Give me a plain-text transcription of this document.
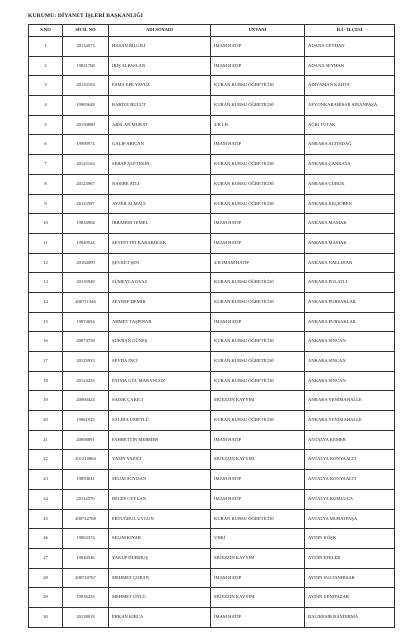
KURUMU: DİYANET İŞLERİ BAŞKANLIĞI
S.NO	SİCİL NO	ADI SOYADI	UNVANI	İLİ - İLÇESİ
1	20134573	HASAN BİLGİLİ	İMAM HATİP	ADANA CEYHAN
2	19831768	İRİŞ ALPASLAN	İMAM HATİP	ADANA SEYHAN
3	20133103	ESMA EFE YAVUZ	KURAN KURSU ÖĞRETİCİSİ	ADIYAMAN KAHTA
4	19965648	RABİYE BULUT	KURAN KURSU ÖĞRETİCİSİ	AFYONKARAHİSAR SİNANPAŞA
5	20150880	ARSLAN MURAT	4/B İ.H.	AĞRI TUTAK
6	19990974	GALİP ARIÇAN	İMAM HATİP	ANKARA ALTINDAĞ
7	20125163	SERAP ALPTEKİN	KURAN KURSU ÖĞRETİCİSİ	ANKARA ÇANKAYA
8	20123967	NASİBE ATLI	KURAN KURSU ÖĞRETİCİSİ	ANKARA ÇUBUK
9	20113597	AYFER ALMACI	KURAN KURSU ÖĞRETİCİSİ	ANKARA KEÇİÖREN
10	19834904	İBRAHİM TEMEL	İMAM HATİP	ANKARA MAMAK
11	19940524	SEYFETTİN KARABÖCEK	İMAM HATİP	ANKARA MAMAK
12	20164009	ŞEVKET ŞEN	4/B İMAM HATİP	ANKARA NALLIHAN
13	20135949	SÜMEYLA OVAZ	KURAN KURSU ÖĞRETİCİSİ	ANKARA POLATLI
14	200711346	ZEYNEP DEMİR	KURAN KURSU ÖĞRETİCİSİ	ANKARA PURSAKLAR
15	19974694	AHMET TAŞPINAR	İMAM HATİP	ANKARA PURSAKLAR
16	20074758	ŞÜKRAN GÜNEŞ	KURAN KURSU ÖĞRETİCİSİ	ANKARA SİNCAN
17	20125933	SEVDA İNCİ	KURAN KURSU ÖĞRETİCİSİ	ANKARA SİNCAN
18	20124255	FATMA GÜL MARANGOZ	KURAN KURSU ÖĞRETİCİSİ	ANKARA SİNCAN
19	20060424	SADIK ÇAKICI	MÜEZZİN KAYYIM	ANKARA YENİMAHALLE
20	19961925	SALİHA ÜMETLÜ	KURAN KURSU ÖĞRETİCİSİ	ANKARA YENİMAHALLE
21	20098891	FAHRETTİN MERMER	İMAM HATİP	ANTALYA KEMER
22	201210864	YASİN YAZICI	MÜEZZİN KAYYIM	ANTALYA KONYAALTI
23	19893041	SELİM SOYDAN	İMAM HATİP	ANTALYA KONYAALTI
24	20114570	RECEP CEYLAN	İMAM HATİP	ANTALYA KUMLUCA
25	200712768	ERTUĞRUL UYGUN	KURAN KURSU ÖĞRETİCİSİ	ANTALYA MURATPAŞA
26	19963374	SELİM KIYAR	VHKİ	AYDIN KÖŞK
27	19940546	YAKUP DURMUŞ	MÜEZZİN KAYYIM	AYDIN EFELER
28	200710767	MEHMET ÇOBAN	İMAM HATİP	AYDIN SULTANHİSAR
29	19936255	MEHMET ÜNLÜ	MÜEZZİN KAYYIM	AYDIN YENİPAZAR
30	20138018	ERKAN KIRCA	İMAM HATİP	BALIKESİR BANDIRMA
